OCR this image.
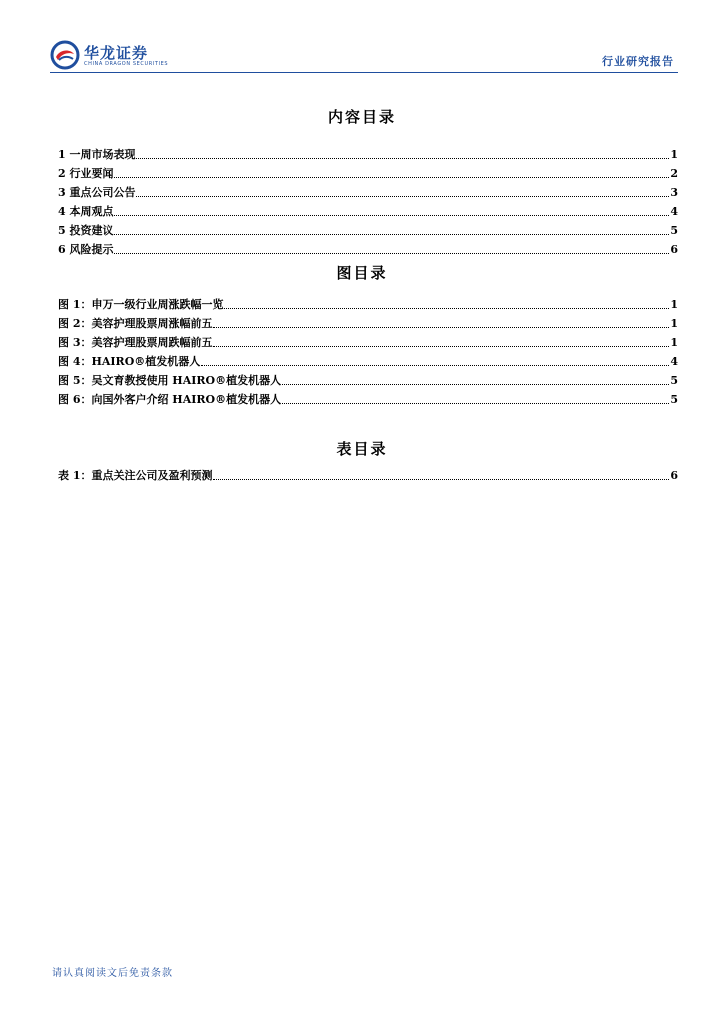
华龙证券
CHINA DRAGON SECURITIES	行业研究报告
内容目录
1 一周市场表现	1
2 行业要闻	2
3 重点公司公告	3
4 本周观点	4
5 投资建议	5
6 风险提示	6
图目录
图 1：申万一级行业周涨跌幅一览	1
图 2：美容护理股票周涨幅前五	1
图 3：美容护理股票周跌幅前五	1
图 4：HAIRO®植发机器人	4
图 5：吴文育教授使用 HAIRO®植发机器人	5
图 6：向国外客户介绍 HAIRO®植发机器人	5
表目录
表 1：重点关注公司及盈利预测	6
请认真阅读文后免责条款
